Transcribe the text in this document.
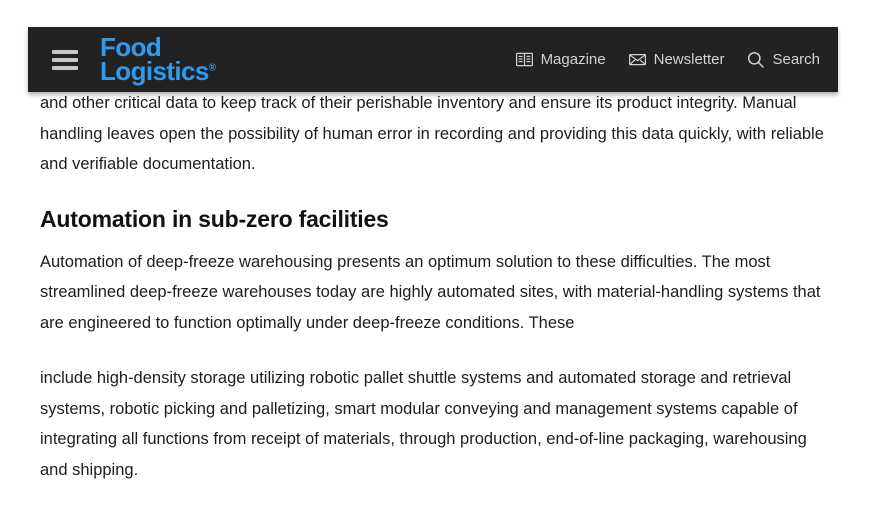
and other critical data to keep track of their perishable inventory and ensure its product integrity. Manual handling leaves open the possibility of human error in recording and providing this data quickly, with reliable and verifiable documentation.

Automation in sub-zero facilities

Automation of deep-freeze warehousing presents an optimum solution to these difficulties. The most streamlined deep-freeze warehouses today are highly automated sites, with material-handling systems that are engineered to function optimally under deep-freeze conditions. These

include high-density storage utilizing robotic pallet shuttle systems and automated storage and retrieval systems, robotic picking and palletizing, smart modular conveying and management systems capable of integrating all functions from receipt of materials, through production, end-of-line packaging, warehousing and shipping.

Food
Logistics®	Magazine	Newsletter	Search
